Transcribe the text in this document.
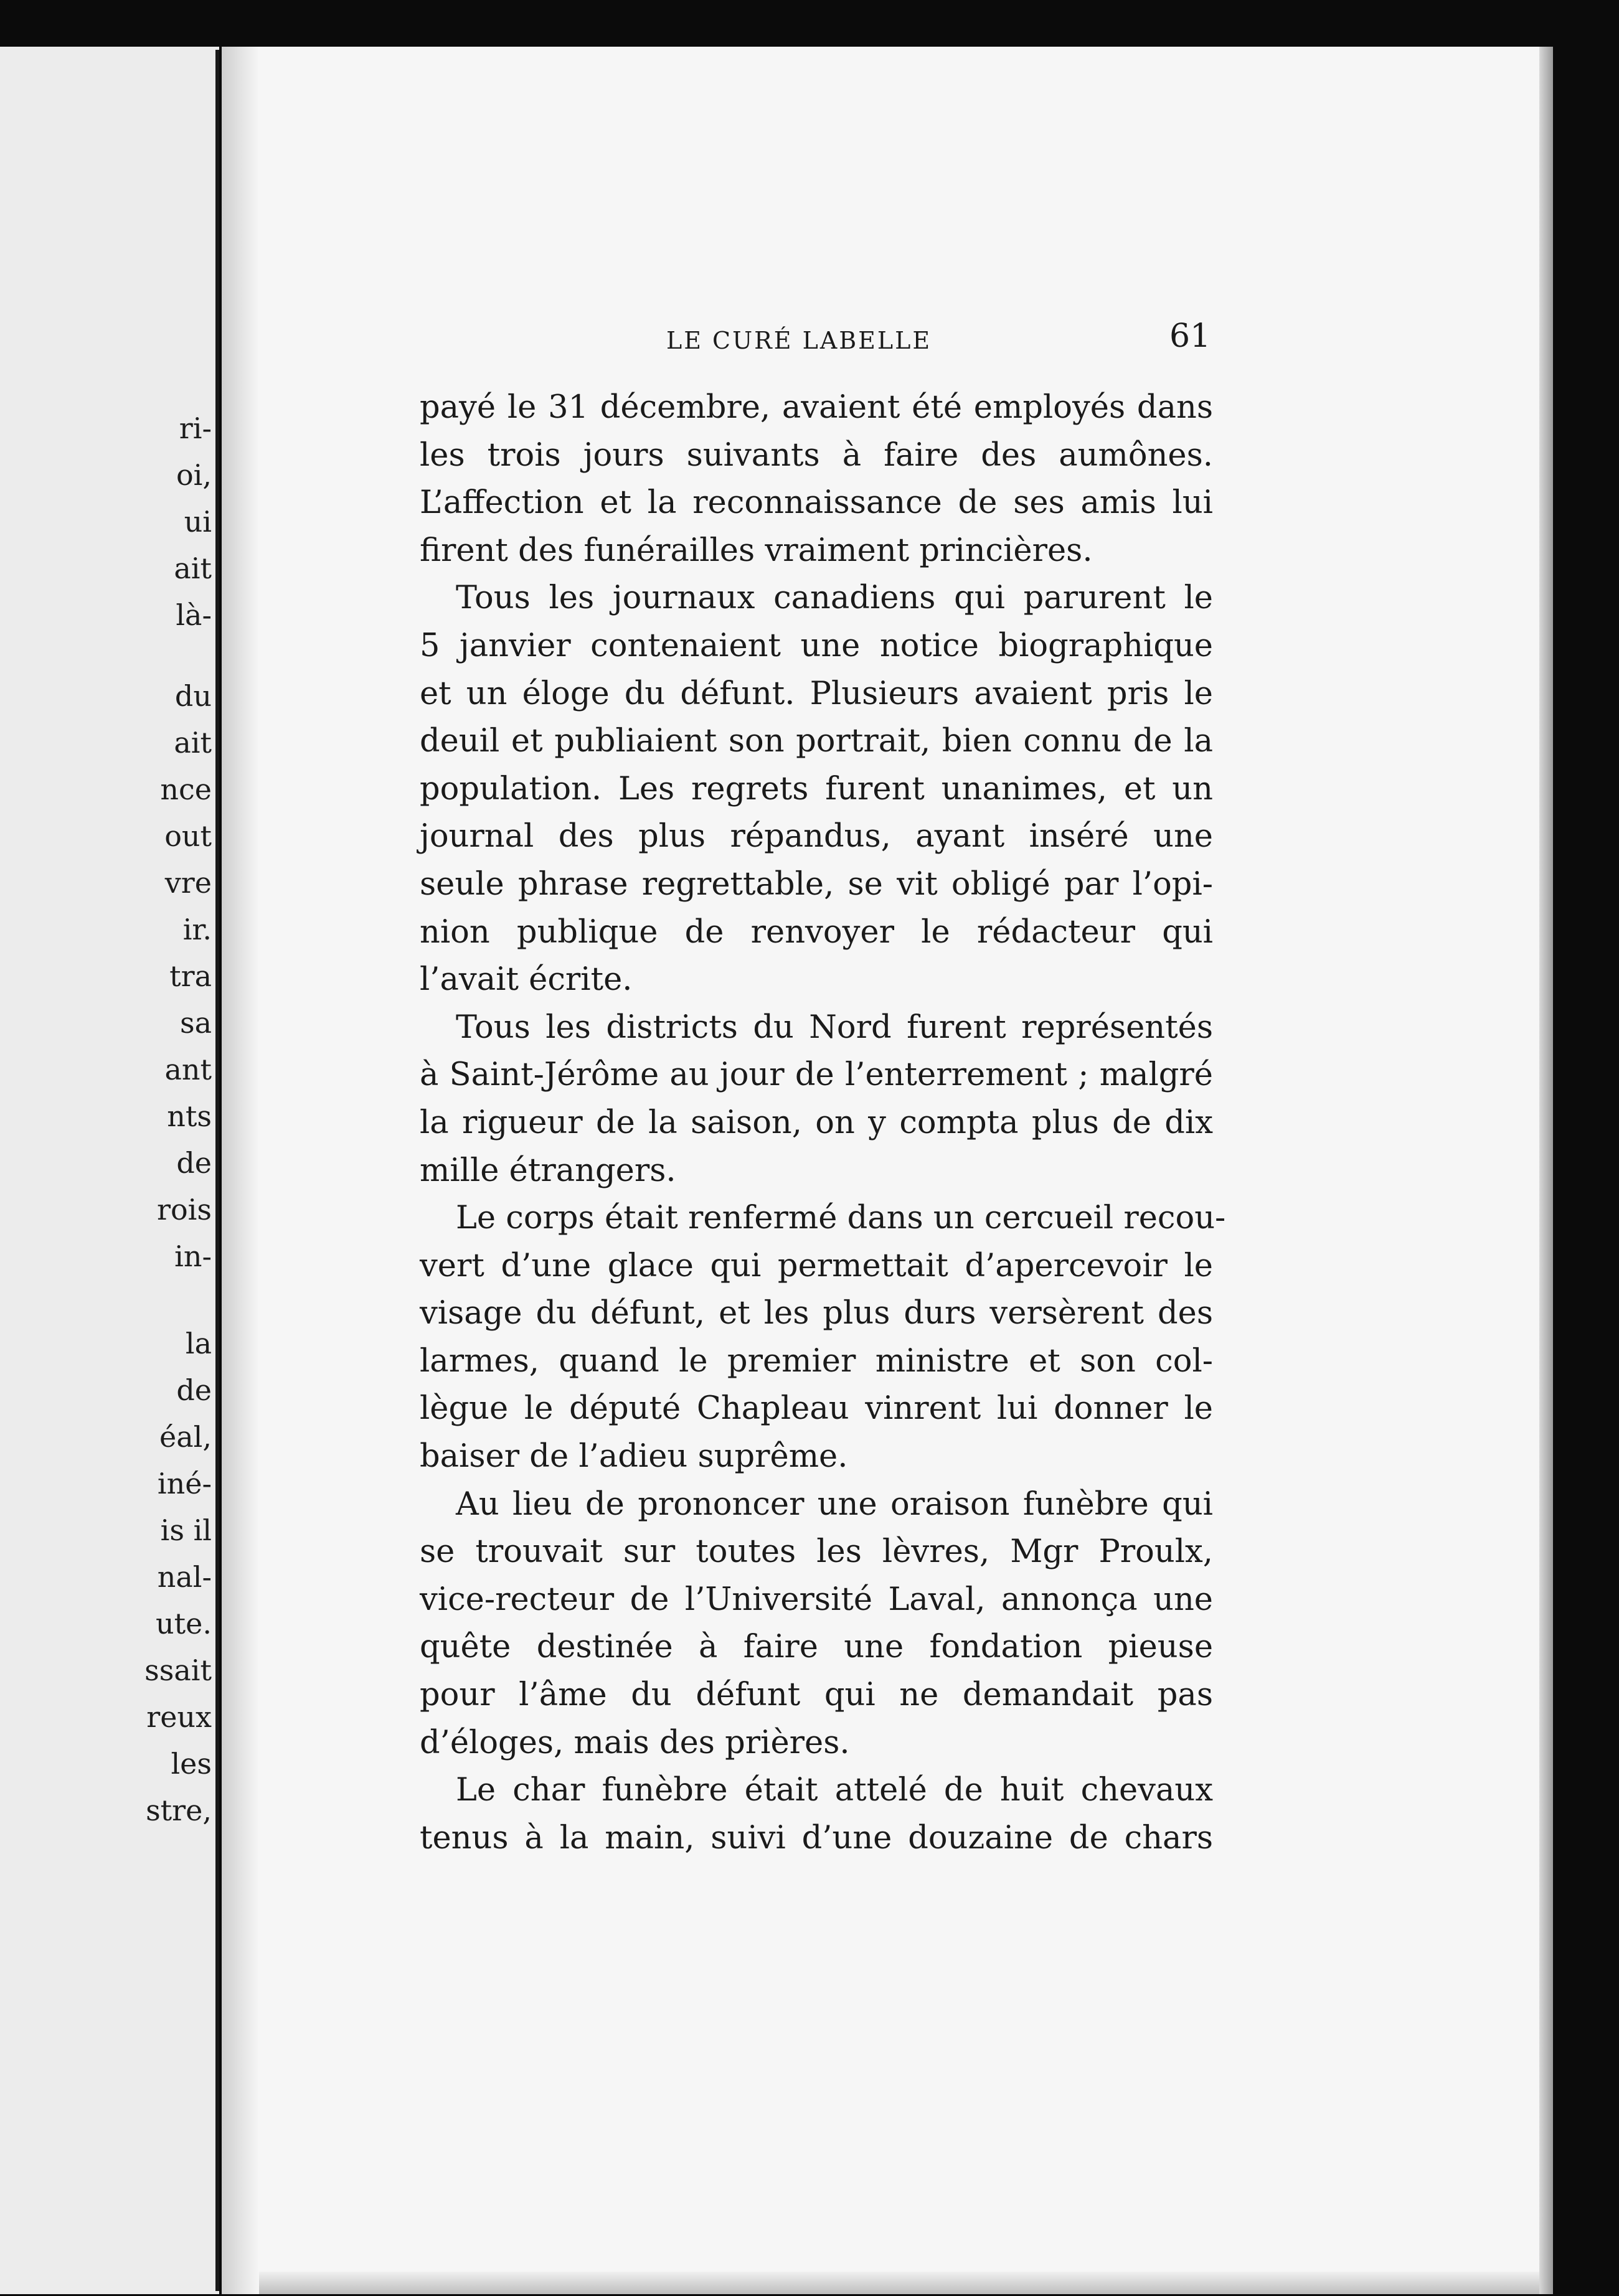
ri-

oi,

ui

ait

là-

du

ait

nce

out

vre

ir.

tra

sa

ant

nts

de

rois

in-

la

de

éal,

iné-

is il

nal-

ute.

ssait

reux

les

stre,

LE CURÉ LABELLE	61

payé le 31 décembre, avaient été employés dans
les trois jours suivants à faire des aumônes.
L’affection et la reconnaissance de ses amis lui
firent des funérailles vraiment princières.
Tous les journaux canadiens qui parurent le
5 janvier contenaient une notice biographique
et un éloge du défunt. Plusieurs avaient pris le
deuil et publiaient son portrait, bien connu de la
population. Les regrets furent unanimes, et un
journal des plus répandus, ayant inséré une
seule phrase regrettable, se vit obligé par l’opi-
nion publique de renvoyer le rédacteur qui
l’avait écrite.
Tous les districts du Nord furent représentés
à Saint-Jérôme au jour de l’enterrement ; malgré
la rigueur de la saison, on y compta plus de dix
mille étrangers.
Le corps était renfermé dans un cercueil recou-
vert d’une glace qui permettait d’apercevoir le
visage du défunt, et les plus durs versèrent des
larmes, quand le premier ministre et son col-
lègue le député Chapleau vinrent lui donner le
baiser de l’adieu suprême.
Au lieu de prononcer une oraison funèbre qui
se trouvait sur toutes les lèvres, Mgr Proulx,
vice-recteur de l’Université Laval, annonça une
quête destinée à faire une fondation pieuse
pour l’âme du défunt qui ne demandait pas
d’éloges, mais des prières.
Le char funèbre était attelé de huit chevaux
tenus à la main, suivi d’une douzaine de chars
